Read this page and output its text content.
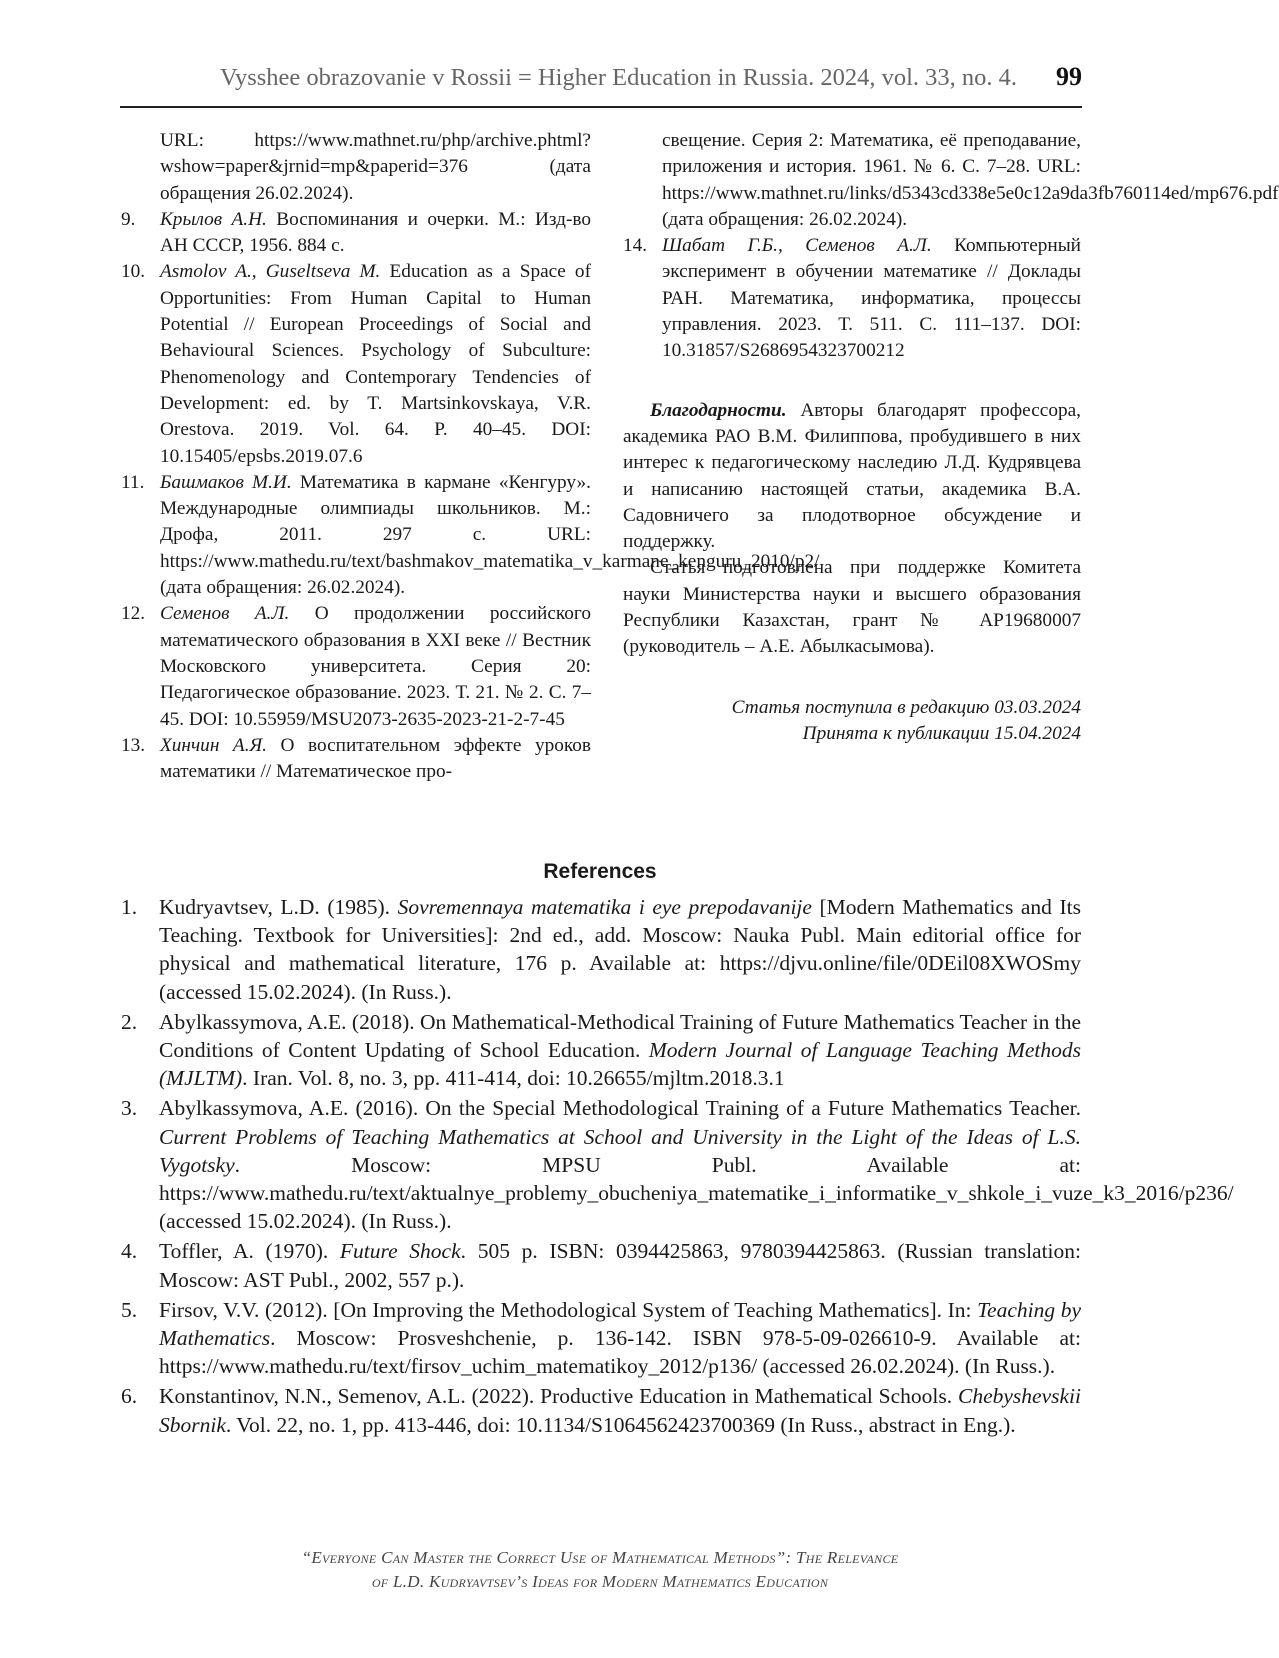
Vysshee obrazovanie v Rossii = Higher Education in Russia. 2024, vol. 33, no. 4. 99
URL: https://www.mathnet.ru/php/archive.phtml?wshow=paper&jrnid=mp&paperid=376 (дата обращения 26.02.2024).
9. Крылов А.Н. Воспоминания и очерки. М.: Изд-во АН СССР, 1956. 884 с.
10. Asmolov A., Guseltseva M. Education as a Space of Opportunities: From Human Capital to Human Potential // European Proceedings of Social and Behavioural Sciences. Psychology of Subculture: Phenomenology and Contemporary Tendencies of Development: ed. by T. Martsinkovskaya, V.R. Orestova. 2019. Vol. 64. P. 40–45. DOI: 10.15405/epsbs.2019.07.6
11. Башмаков М.И. Математика в кармане «Кенгуру». Международные олимпиады школьников. М.: Дрофа, 2011. 297 с. URL: https://www.mathedu.ru/text/bashmakov_matematika_v_karmane_kenguru_2010/p2/ (дата обращения: 26.02.2024).
12. Семенов А.Л. О продолжении российского математического образования в XXI веке // Вестник Московского университета. Серия 20: Педагогическое образование. 2023. Т. 21. № 2. С. 7–45. DOI: 10.55959/MSU2073-2635-2023-21-2-7-45
13. Хинчин А.Я. О воспитательном эффекте уроков математики // Математическое про-
свещение. Серия 2: Математика, её преподавание, приложения и история. 1961. № 6. С. 7–28. URL: https://www.mathnet.ru/links/d5343cd338e5e0c12a9da3fb760114ed/mp676.pdf (дата обращения: 26.02.2024).
14. Шабат Г.Б., Семенов А.Л. Компьютерный эксперимент в обучении математике // Доклады РАН. Математика, информатика, процессы управления. 2023. Т. 511. С. 111–137. DOI: 10.31857/S2686954323700212

Благодарности. Авторы благодарят профессора, академика РАО В.М. Филиппова, пробудившего в них интерес к педагогическому наследию Л.Д. Кудрявцева и написанию настоящей статьи, академика В.А. Садовничего за плодотворное обсуждение и поддержку.

Статья подготовлена при поддержке Комитета науки Министерства науки и высшего образования Республики Казахстан, грант № AP19680007 (руководитель – А.Е. Абылкасымова).

Статья поступила в редакцию 03.03.2024
Принята к публикации 15.04.2024
References
1. Kudryavtsev, L.D. (1985). Sovremennaya matematika i eye prepodavanije [Modern Mathematics and Its Teaching. Textbook for Universities]: 2nd ed., add. Moscow: Nauka Publ. Main editorial office for physical and mathematical literature, 176 p. Available at: https://djvu.online/file/0DEil08XWOSmy (accessed 15.02.2024). (In Russ.).
2. Abylkassymova, A.E. (2018). On Mathematical-Methodical Training of Future Mathematics Teacher in the Conditions of Content Updating of School Education. Modern Journal of Language Teaching Methods (MJLTM). Iran. Vol. 8, no. 3, pp. 411-414, doi: 10.26655/mjltm.2018.3.1
3. Abylkassymova, A.E. (2016). On the Special Methodological Training of a Future Mathematics Teacher. Current Problems of Teaching Mathematics at School and University in the Light of the Ideas of L.S. Vygotsky. Moscow: MPSU Publ. Available at: https://www.mathedu.ru/text/aktualnye_problemy_obucheniya_matematike_i_informatike_v_shkole_i_vuze_k3_2016/p236/ (accessed 15.02.2024). (In Russ.).
4. Toffler, A. (1970). Future Shock. 505 p. ISBN: 0394425863, 9780394425863. (Russian translation: Moscow: AST Publ., 2002, 557 p.).
5. Firsov, V.V. (2012). [On Improving the Methodological System of Teaching Mathematics]. In: Teaching by Mathematics. Moscow: Prosveshchenie, p. 136-142. ISBN 978-5-09-026610-9. Available at: https://www.mathedu.ru/text/firsov_uchim_matematikoy_2012/p136/ (accessed 26.02.2024). (In Russ.).
6. Konstantinov, N.N., Semenov, A.L. (2022). Productive Education in Mathematical Schools. Chebyshevskii Sbornik. Vol. 22, no. 1, pp. 413-446, doi: 10.1134/S1064562423700369 (In Russ., abstract in Eng.).
“Everyone Can Master the Correct Use of Mathematical Methods”: The Relevance
of L.D. Kudryavtsev’s Ideas for Modern Mathematics Education
